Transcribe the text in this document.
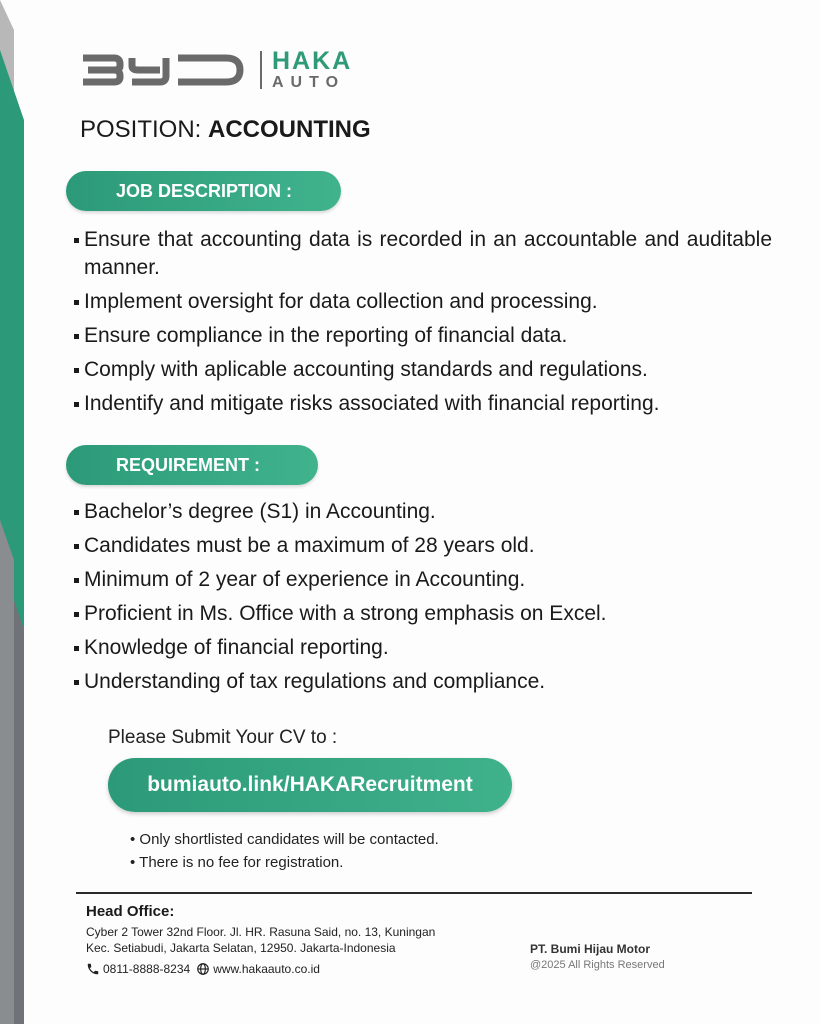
HAKA
AUTO
POSITION: ACCOUNTING
JOB DESCRIPTION :
Ensure that accounting data is recorded in an accountable and auditable manner.
Implement oversight for data collection and processing.
Ensure compliance in the reporting of financial data.
Comply with aplicable accounting standards and regulations.
Indentify and mitigate risks associated with financial reporting.
REQUIREMENT :
Bachelor’s degree (S1) in Accounting.
Candidates must be a maximum of 28 years old.
Minimum of 2 year of experience in Accounting.
Proficient in Ms. Office with a strong emphasis on Excel.
Knowledge of financial reporting.
Understanding of tax regulations and compliance.
Please Submit Your CV to :
bumiauto.link/HAKARecruitment
• Only shortlisted candidates will be contacted.
• There is no fee for registration.
Head Office:
Cyber 2 Tower 32nd Floor. Jl. HR. Rasuna Said, no. 13, Kuningan
Kec. Setiabudi, Jakarta Selatan, 12950. Jakarta-Indonesia
0811-8888-8234 www.hakaauto.co.id
PT. Bumi Hijau Motor
@2025 All Rights Reserved
